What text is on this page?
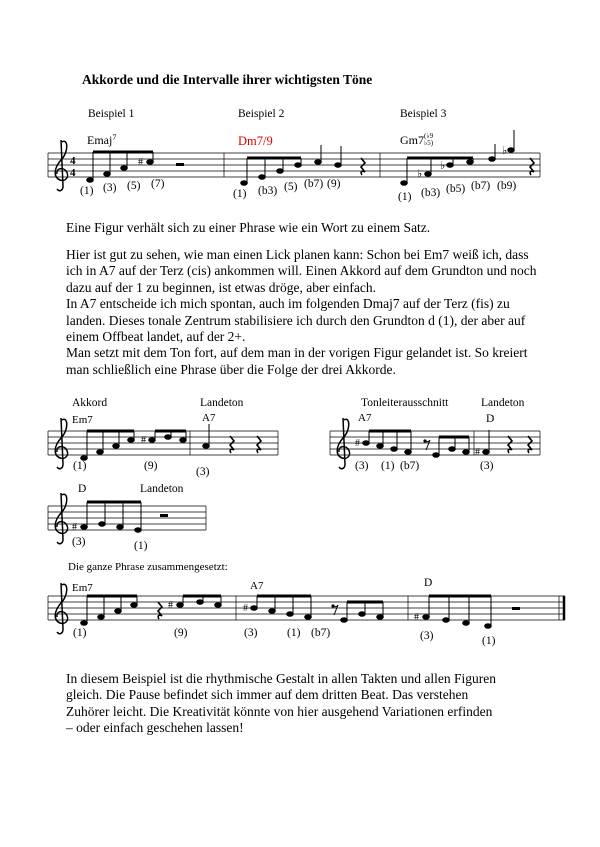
Akkorde und die Intervalle ihrer wichtigsten Töne
Beispiel 1	Beispiel 2	Beispiel 3
4
4
#
♭
♭
♭
#	#
#
#
#	#
#
Emaj$^7$	Dm7/9	Gm7(♭9
♭5)
(1) (3) (5) (7)
(1) (b3) (5) (b7) (9)
(1) (b3) (b5) (b7) (b9)
Eine Figur verhält sich zu einer Phrase wie ein Wort zu einem Satz.

Hier ist gut zu sehen, wie man einen Lick planen kann: Schon bei Em7 weiß ich, dass

ich in A7 auf der Terz (cis) ankommen will. Einen Akkord auf dem Grundton und noch

dazu auf der 1 zu beginnen, ist etwas dröge, aber einfach.

In A7 entscheide ich mich spontan, auch im folgenden Dmaj7 auf der Terz (fis) zu

landen. Dieses tonale Zentrum stabilisiere ich durch den Grundton d (1), der aber auf

einem Offbeat landet, auf der 2+.

Man setzt mit dem Ton fort, auf dem man in der vorigen Figur gelandet ist. So kreiert

man schließlich eine Phrase über die Folge der drei Akkorde.

Akkord	Landeton	Tonleiterausschnitt	Landeton
Em7	A7	A7	D
(1)	(9)	(3)	(3) (1) (b7)	(3)
D	Landeton
(3)	(1)
Die ganze Phrase zusammengesetzt:
Em7	A7	D
(1)	(9)	(3)	(1) (b7)	(3)	(1)

In diesem Beispiel ist die rhythmische Gestalt in allen Takten und allen Figuren

gleich. Die Pause befindet sich immer auf dem dritten Beat. Das verstehen

Zuhörer leicht. Die Kreativität könnte von hier ausgehend Variationen erfinden

– oder einfach geschehen lassen!
